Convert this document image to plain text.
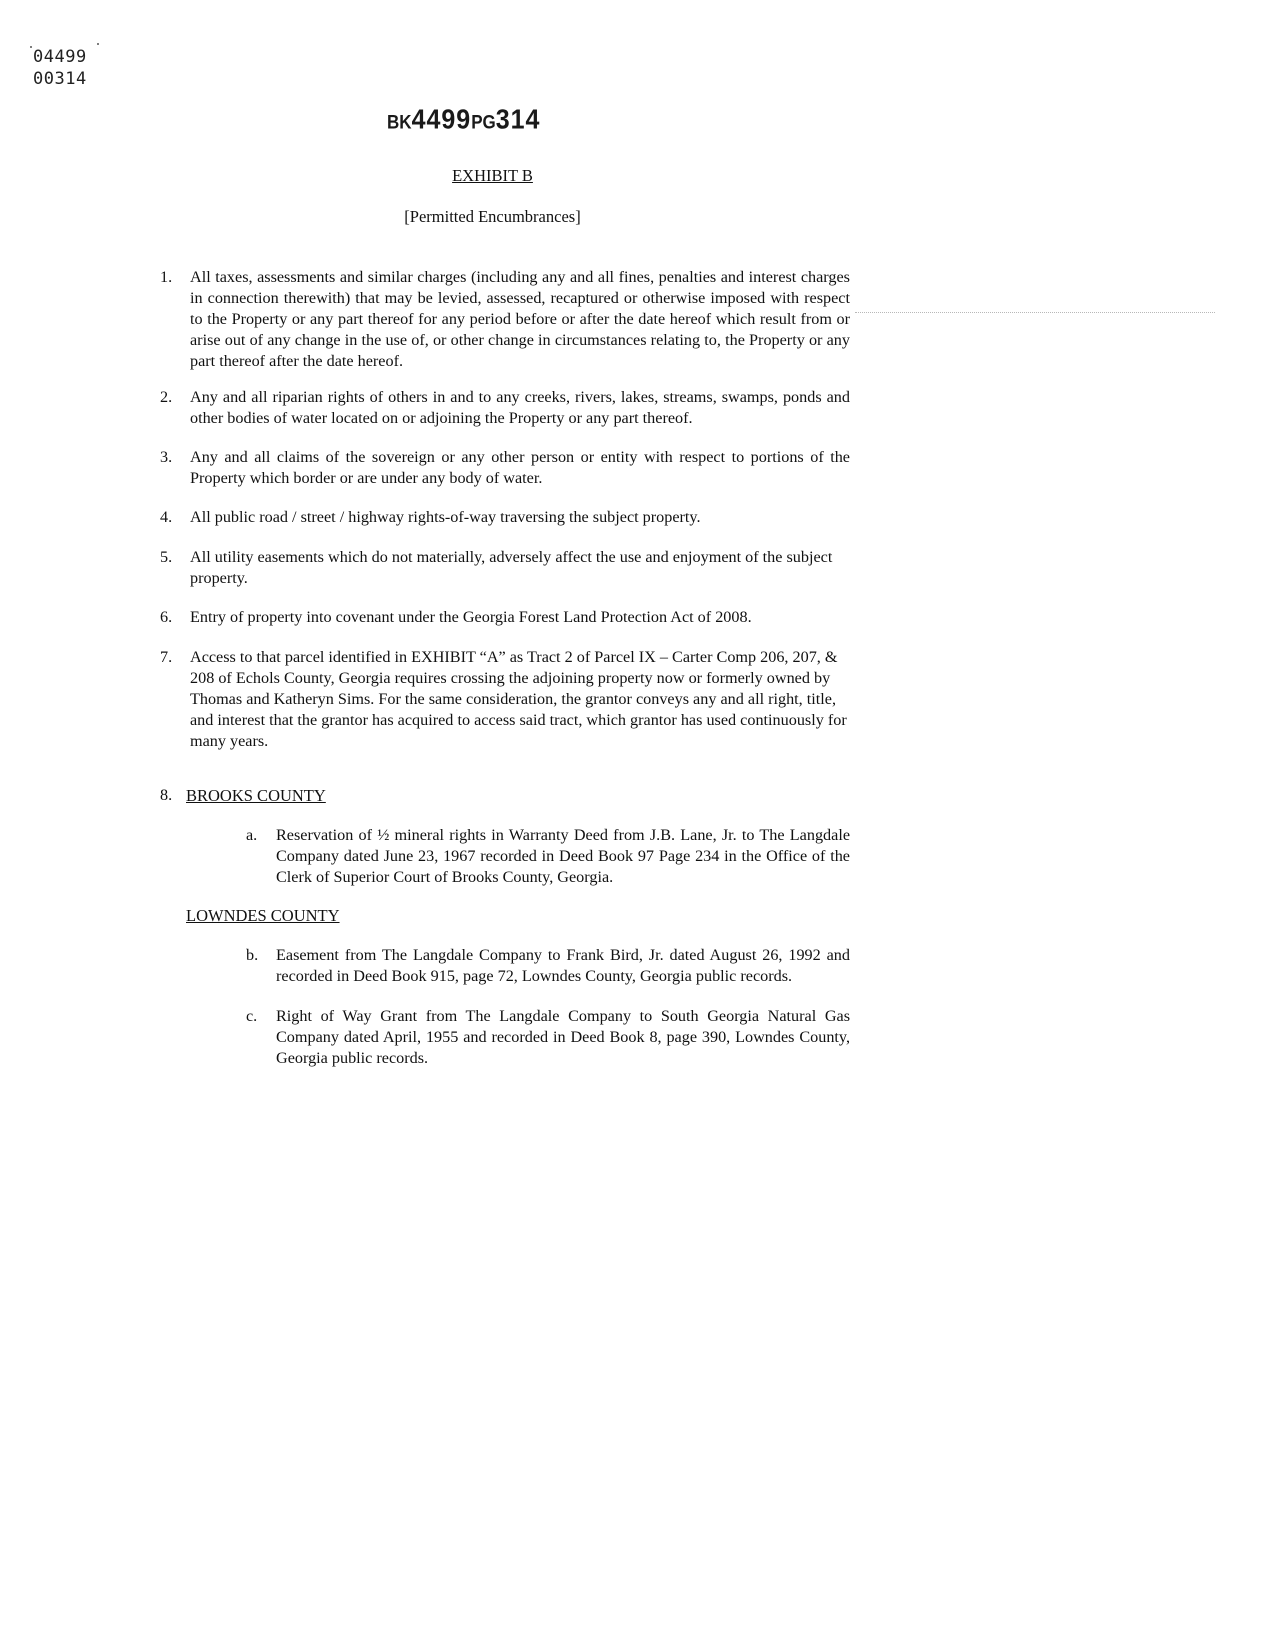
04499
00314
BK4499PG314
EXHIBIT B
[Permitted Encumbrances]
1.	All taxes, assessments and similar charges (including any and all fines, penalties and interest charges in connection therewith) that may be levied, assessed, recaptured or otherwise imposed with respect to the Property or any part thereof for any period before or after the date hereof which result from or arise out of any change in the use of, or other change in circumstances relating to, the Property or any part thereof after the date hereof.
2.	Any and all riparian rights of others in and to any creeks, rivers, lakes, streams, swamps, ponds and other bodies of water located on or adjoining the Property or any part thereof.
3.	Any and all claims of the sovereign or any other person or entity with respect to portions of the Property which border or are under any body of water.
4.	All public road / street / highway rights-of-way traversing the subject property.
5.	All utility easements which do not materially, adversely affect the use and enjoyment of the subject property.
6.	Entry of property into covenant under the Georgia Forest Land Protection Act of 2008.
7.	Access to that parcel identified in EXHIBIT “A” as Tract 2 of Parcel IX – Carter Comp 206, 207, & 208 of Echols County, Georgia requires crossing the adjoining property now or formerly owned by Thomas and Katheryn Sims. For the same consideration, the grantor conveys any and all right, title, and interest that the grantor has acquired to access said tract, which grantor has used continuously for many years.
8. BROOKS COUNTY
a.	Reservation of ½ mineral rights in Warranty Deed from J.B. Lane, Jr. to The Langdale Company dated June 23, 1967 recorded in Deed Book 97 Page 234 in the Office of the Clerk of Superior Court of Brooks County, Georgia.
LOWNDES COUNTY
b.	Easement from The Langdale Company to Frank Bird, Jr. dated August 26, 1992 and recorded in Deed Book 915, page 72, Lowndes County, Georgia public records.
c.	Right of Way Grant from The Langdale Company to South Georgia Natural Gas Company dated April, 1955 and recorded in Deed Book 8, page 390, Lowndes County, Georgia public records.
